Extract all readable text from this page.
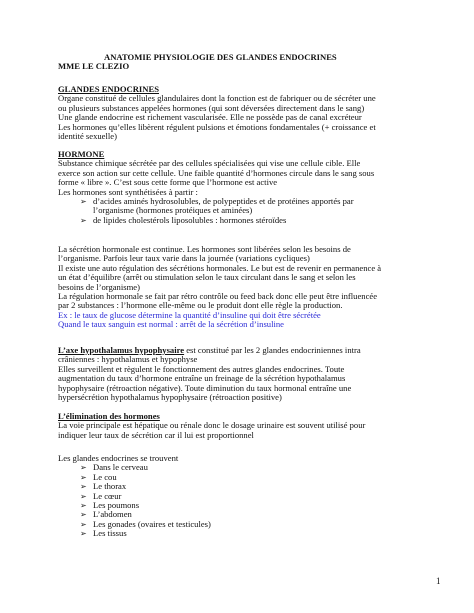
ANATOMIE PHYSIOLOGIE DES GLANDES ENDOCRINES

MME LE CLEZIO

GLANDES ENDOCRINES

Organe constitué de cellules glandulaires dont la fonction est de fabriquer ou de sécréter une

ou plusieurs substances appelées hormones (qui sont déversées directement dans le sang)

Une glande endocrine est richement vascularisée. Elle ne possède pas de canal excréteur

Les hormones qu’elles libèrent régulent pulsions et émotions fondamentales (+ croissance et

identité sexuelle)

HORMONE

Substance chimique sécrétée par des cellules spécialisées qui vise une cellule cible. Elle

exerce son action sur cette cellule. Une faible quantité d’hormones circule dans le sang sous

forme « libre ». C’est sous cette forme que l’hormone est active

Les hormones sont synthétisées à partir :

➢ d’acides aminés hydrosolubles, de polypeptides et de protéines apportés par
l’organisme (hormones protéiques et aminées)
➢ de lipides cholestérols liposolubles : hormones stéroïdes

La sécrétion hormonale est continue. Les hormones sont libérées selon les besoins de

l’organisme. Parfois leur taux varie dans la journée (variations cycliques)

Il existe une auto régulation des sécrétions hormonales. Le but est de revenir en permanence à

un état d’équilibre (arrêt ou stimulation selon le taux circulant dans le sang et selon les

besoins de l’organisme)

La régulation hormonale se fait par rétro contrôle ou feed back donc elle peut être influencée

par 2 substances : l’hormone elle-même ou le produit dont elle règle la production.

Ex : le taux de glucose détermine la quantité d’insuline qui doit être sécrétée

Quand le taux sanguin est normal : arrêt de la sécrétion d’insuline

L’axe hypothalamus hypophysaire est constitué par les 2 glandes endocriniennes intra

crâniennes : hypothalamus et hypophyse

Elles surveillent et règulent le fonctionnement des autres glandes endocrines. Toute

augmentation du taux d’hormone entraîne un freinage de la sécrétion hypothalamus

hypophysaire (rétroaction négative). Toute diminution du taux hormonal entraîne une

hypersécrétion hypothalamus hypophysaire (rétroaction positive)

L’élimination des hormones

La voie principale est hépatique ou rénale donc le dosage urinaire est souvent utilisé pour

indiquer leur taux de sécrétion car il lui est proportionnel

Les glandes endocrines se trouvent

➢ Dans le cerveau
➢ Le cou
➢ Le thorax
➢ Le cœur
➢ Les poumons
➢ L’abdomen
➢ Les gonades (ovaires et testicules)
➢ Les tissus
1
